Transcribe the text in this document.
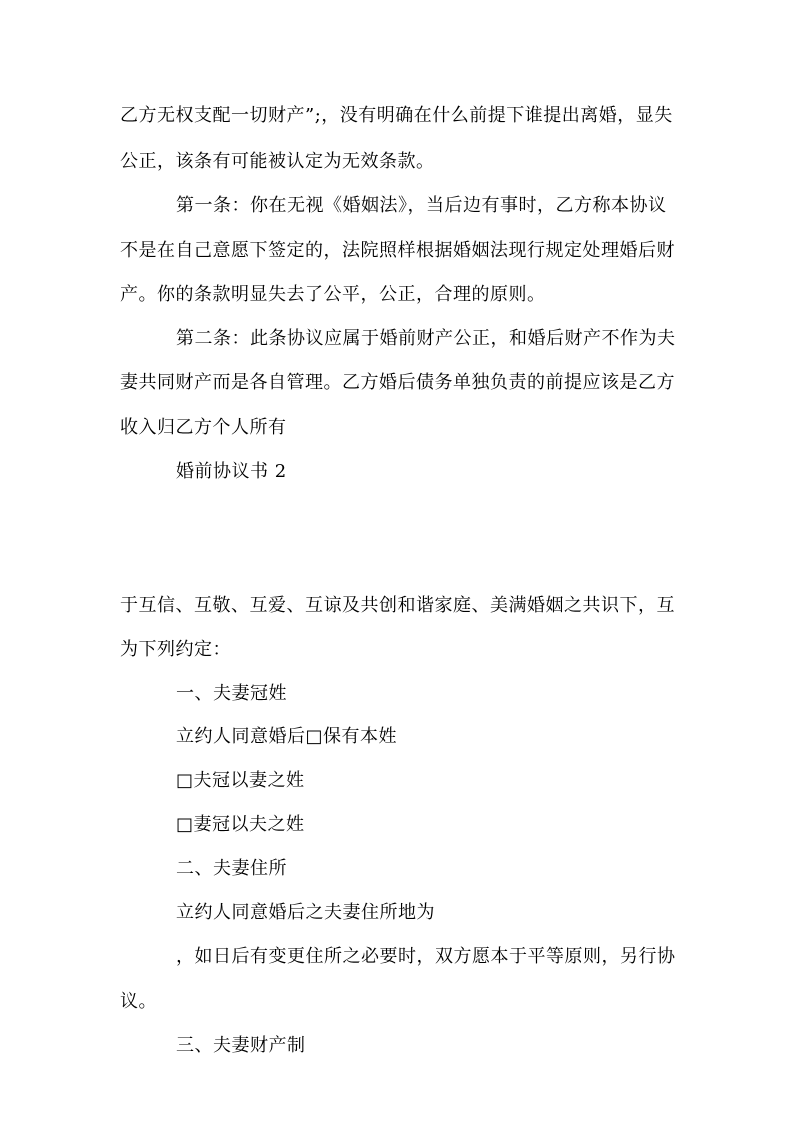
乙方无权支配一切财产”;，没有明确在什么前提下谁提出离婚，显失
公正，该条有可能被认定为无效条款。
第一条：你在无视《婚姻法》，当后边有事时，乙方称本协议
不是在自己意愿下签定的，法院照样根据婚姻法现行规定处理婚后财
产。你的条款明显失去了公平，公正，合理的原则。
第二条：此条协议应属于婚前财产公正，和婚后财产不作为夫
妻共同财产而是各自管理。乙方婚后债务单独负责的前提应该是乙方
收入归乙方个人所有
婚前协议书 2
于互信、互敬、互爱、互谅及共创和谐家庭、美满婚姻之共识下，互
为下列约定：
一、夫妻冠姓
立约人同意婚后□保有本姓
□夫冠以妻之姓
□妻冠以夫之姓
二、夫妻住所
立约人同意婚后之夫妻住所地为
，如日后有变更住所之必要时，双方愿本于平等原则，另行协
议。
三、夫妻财产制
